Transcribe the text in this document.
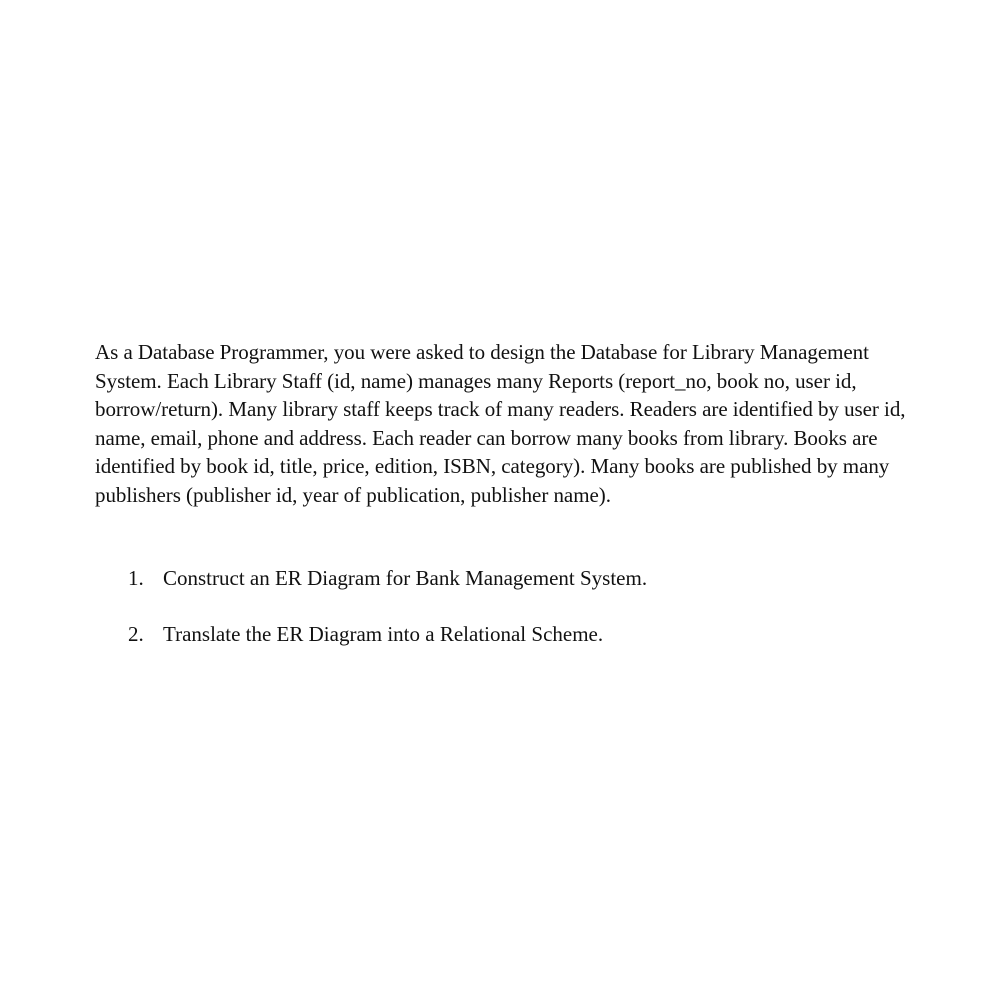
As a Database Programmer, you were asked to design the Database for Library Management
System. Each Library Staff (id, name) manages many Reports (report_no, book no, user id,
borrow/return). Many library staff keeps track of many readers. Readers are identified by user id,
name, email, phone and address. Each reader can borrow many books from library. Books are
identified by book id, title, price, edition, ISBN, category). Many books are published by many
publishers (publisher id, year of publication, publisher name).

1. Construct an ER Diagram for Bank Management System.
2. Translate the ER Diagram into a Relational Scheme.
